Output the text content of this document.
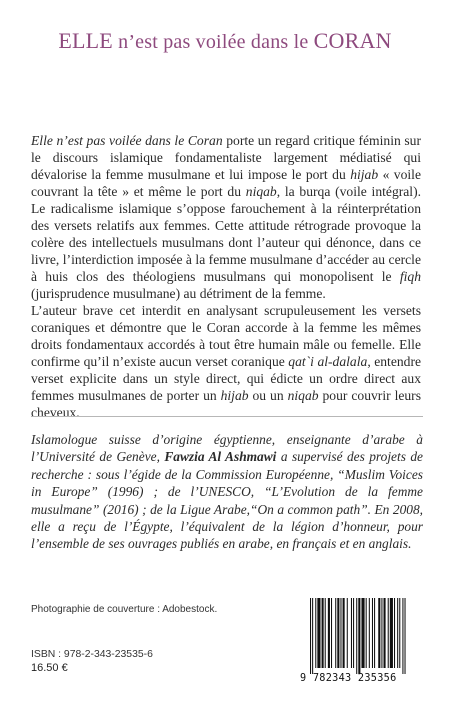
ELLE n’est pas voilée dans le CORAN

Elle n’est pas voilée dans le Coran porte un regard critique féminin sur le discours islamique fondamentaliste largement médiatisé qui dévalorise la femme musulmane et lui impose le port du hijab « voile couvrant la tête » et même le port du niqab, la burqa (voile intégral). Le radicalisme islamique s’oppose farouchement à la réinterprétation des versets relatifs aux femmes. Cette attitude rétrograde provoque la colère des intellectuels musulmans dont l’auteur qui dénonce, dans ce livre, l’interdiction imposée à la femme musulmane d’accéder au cercle à huis clos des théologiens musulmans qui monopolisent le fiqh (jurisprudence musulmane) au détriment de la femme.

L’auteur brave cet interdit en analysant scrupuleusement les versets coraniques et démontre que le Coran accorde à la femme les mêmes droits fondamentaux accordés à tout être humain mâle ou femelle. Elle confirme qu’il n’existe aucun verset coranique qat`i al-dalala, entendre verset explicite dans un style direct, qui édicte un ordre direct aux femmes musulmanes de porter un hijab ou un niqab pour couvrir leurs cheveux.

Islamologue suisse d’origine égyptienne, enseignante d’arabe à l’Université de Genève, Fawzia Al Ashmawi a supervisé des projets de recherche : sous l’égide de la Commission Européenne, “Muslim Voices in Europe” (1996) ; de l’UNESCO, “L’Evolution de la femme musulmane” (2016) ; de la Ligue Arabe,“On a common path”. En 2008, elle a reçu de l’Égypte, l’équivalent de la légion d’honneur, pour l’ensemble de ses ouvrages publiés en arabe, en français et en anglais.
Photographie de couverture : Adobestock.
ISBN : 978-2-343-23535-6
16.50 €
9 782343 235356
